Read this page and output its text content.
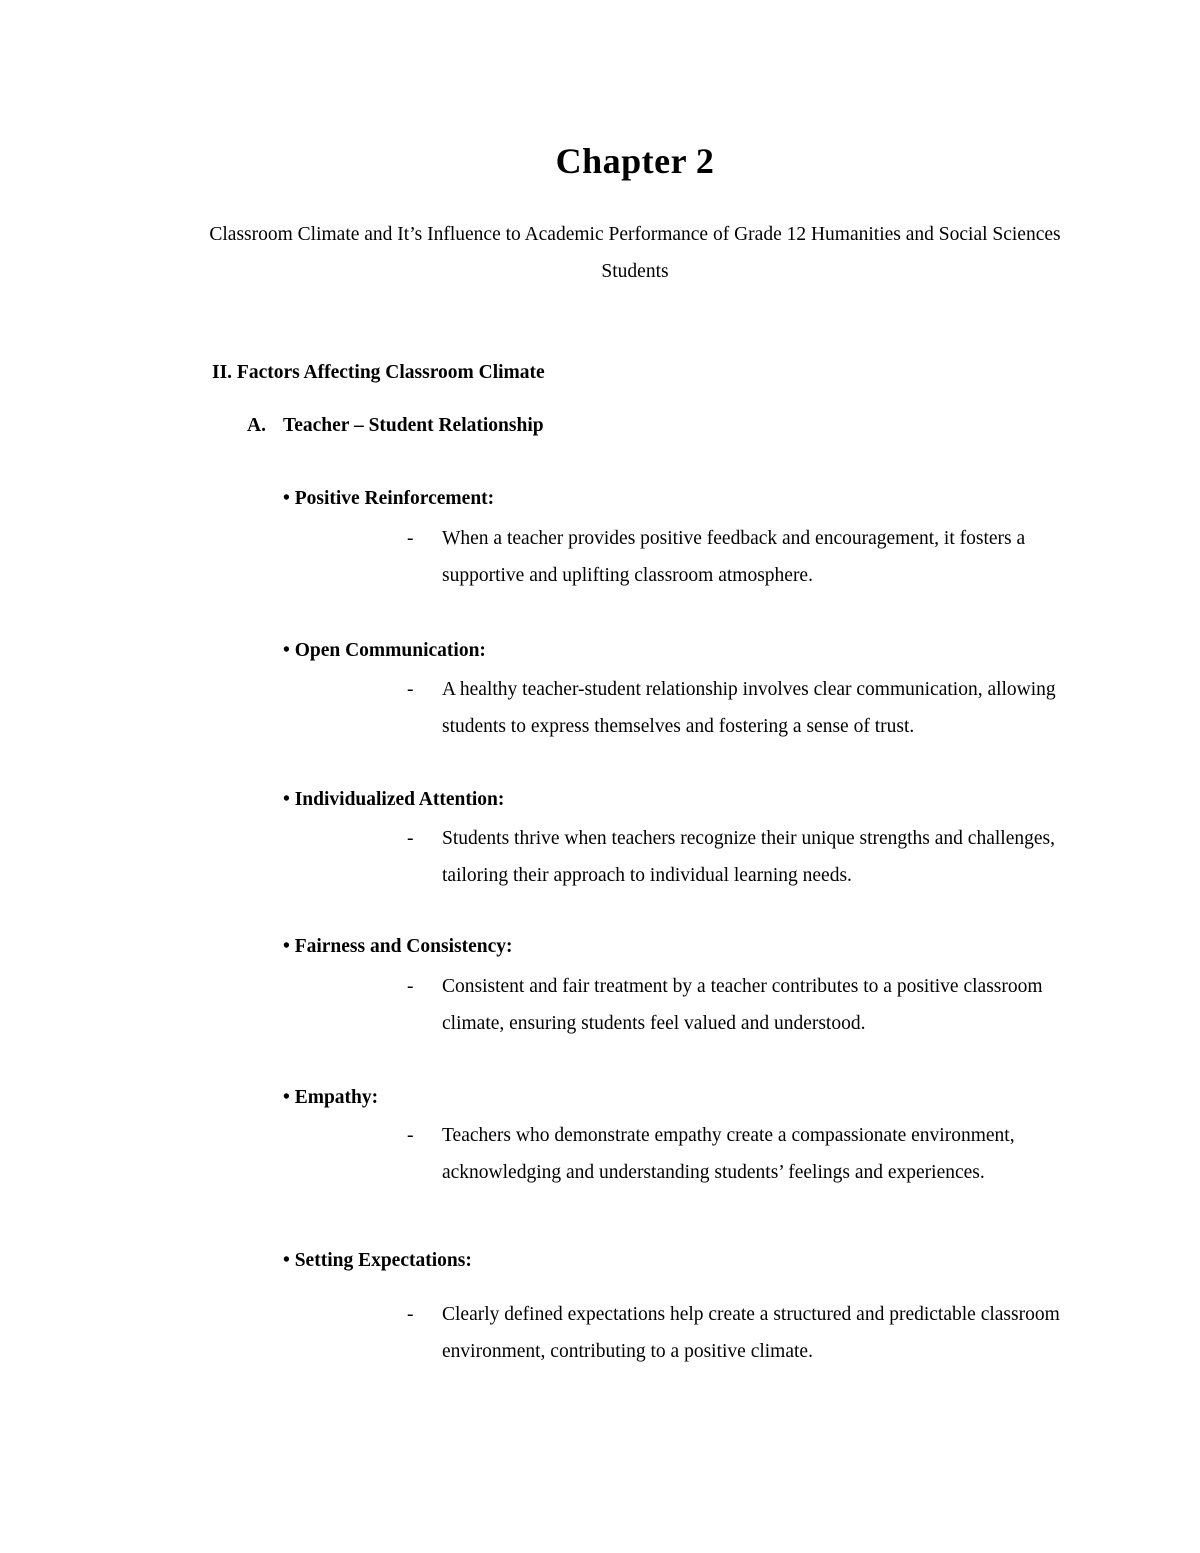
Chapter 2
Classroom Climate and It’s Influence to Academic Performance of Grade 12 Humanities and Social Sciences Students
II. Factors Affecting Classroom Climate
A. Teacher – Student Relationship
• Positive Reinforcement:
- When a teacher provides positive feedback and encouragement, it fosters a supportive and uplifting classroom atmosphere.
• Open Communication:
- A healthy teacher-student relationship involves clear communication, allowing students to express themselves and fostering a sense of trust.
• Individualized Attention:
- Students thrive when teachers recognize their unique strengths and challenges, tailoring their approach to individual learning needs.
• Fairness and Consistency:
- Consistent and fair treatment by a teacher contributes to a positive classroom climate, ensuring students feel valued and understood.
• Empathy:
- Teachers who demonstrate empathy create a compassionate environment, acknowledging and understanding students’ feelings and experiences.
• Setting Expectations:
- Clearly defined expectations help create a structured and predictable classroom environment, contributing to a positive climate.
